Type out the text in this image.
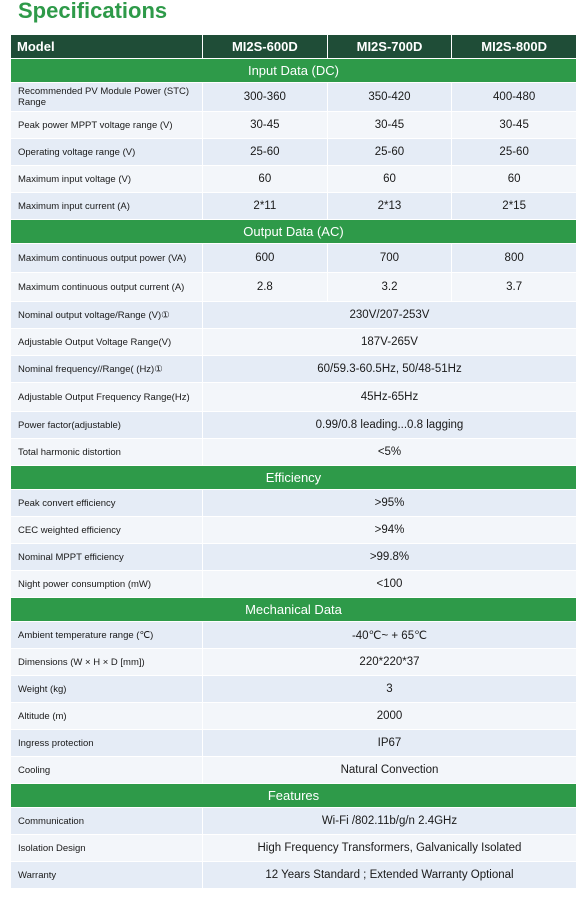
Specifications
Model	MI2S-600D	MI2S-700D	MI2S-800D
Input Data (DC)			
Recommended PV Module Power (STC) Range	300-360	350-420	400-480
Peak power MPPT voltage range (V)	30-45	30-45	30-45
Operating voltage range (V)	25-60	25-60	25-60
Maximum input voltage (V)	60	60	60
Maximum input current (A)	2*11	2*13	2*15
Output Data (AC)			
Maximum continuous output power (VA)	600	700	800
Maximum continuous output current (A)	2.8	3.2	3.7
Nominal output voltage/Range (V)①	230V/207-253V		
Adjustable Output Voltage Range(V)	187V-265V		
Nominal frequency//Range( (Hz)①	60/59.3-60.5Hz, 50/48-51Hz		
Adjustable Output Frequency Range(Hz)	45Hz-65Hz		
Power factor(adjustable)	0.99/0.8 leading...0.8 lagging		
Total harmonic distortion	<5%		
Efficiency			
Peak convert efficiency	>95%		
CEC weighted efficiency	>94%		
Nominal MPPT efficiency	>99.8%		
Night power consumption (mW)	<100		
Mechanical Data			
Ambient temperature range (℃)	-40℃~ + 65℃		
Dimensions (W × H × D [mm])	220*220*37		
Weight (kg)	3		
Altitude (m)	2000		
Ingress protection	IP67		
Cooling	Natural Convection		
Features			
Communication	Wi-Fi /802.11b/g/n 2.4GHz		
Isolation Design	High Frequency Transformers, Galvanically Isolated		
Warranty	12 Years Standard ; Extended Warranty Optional		
